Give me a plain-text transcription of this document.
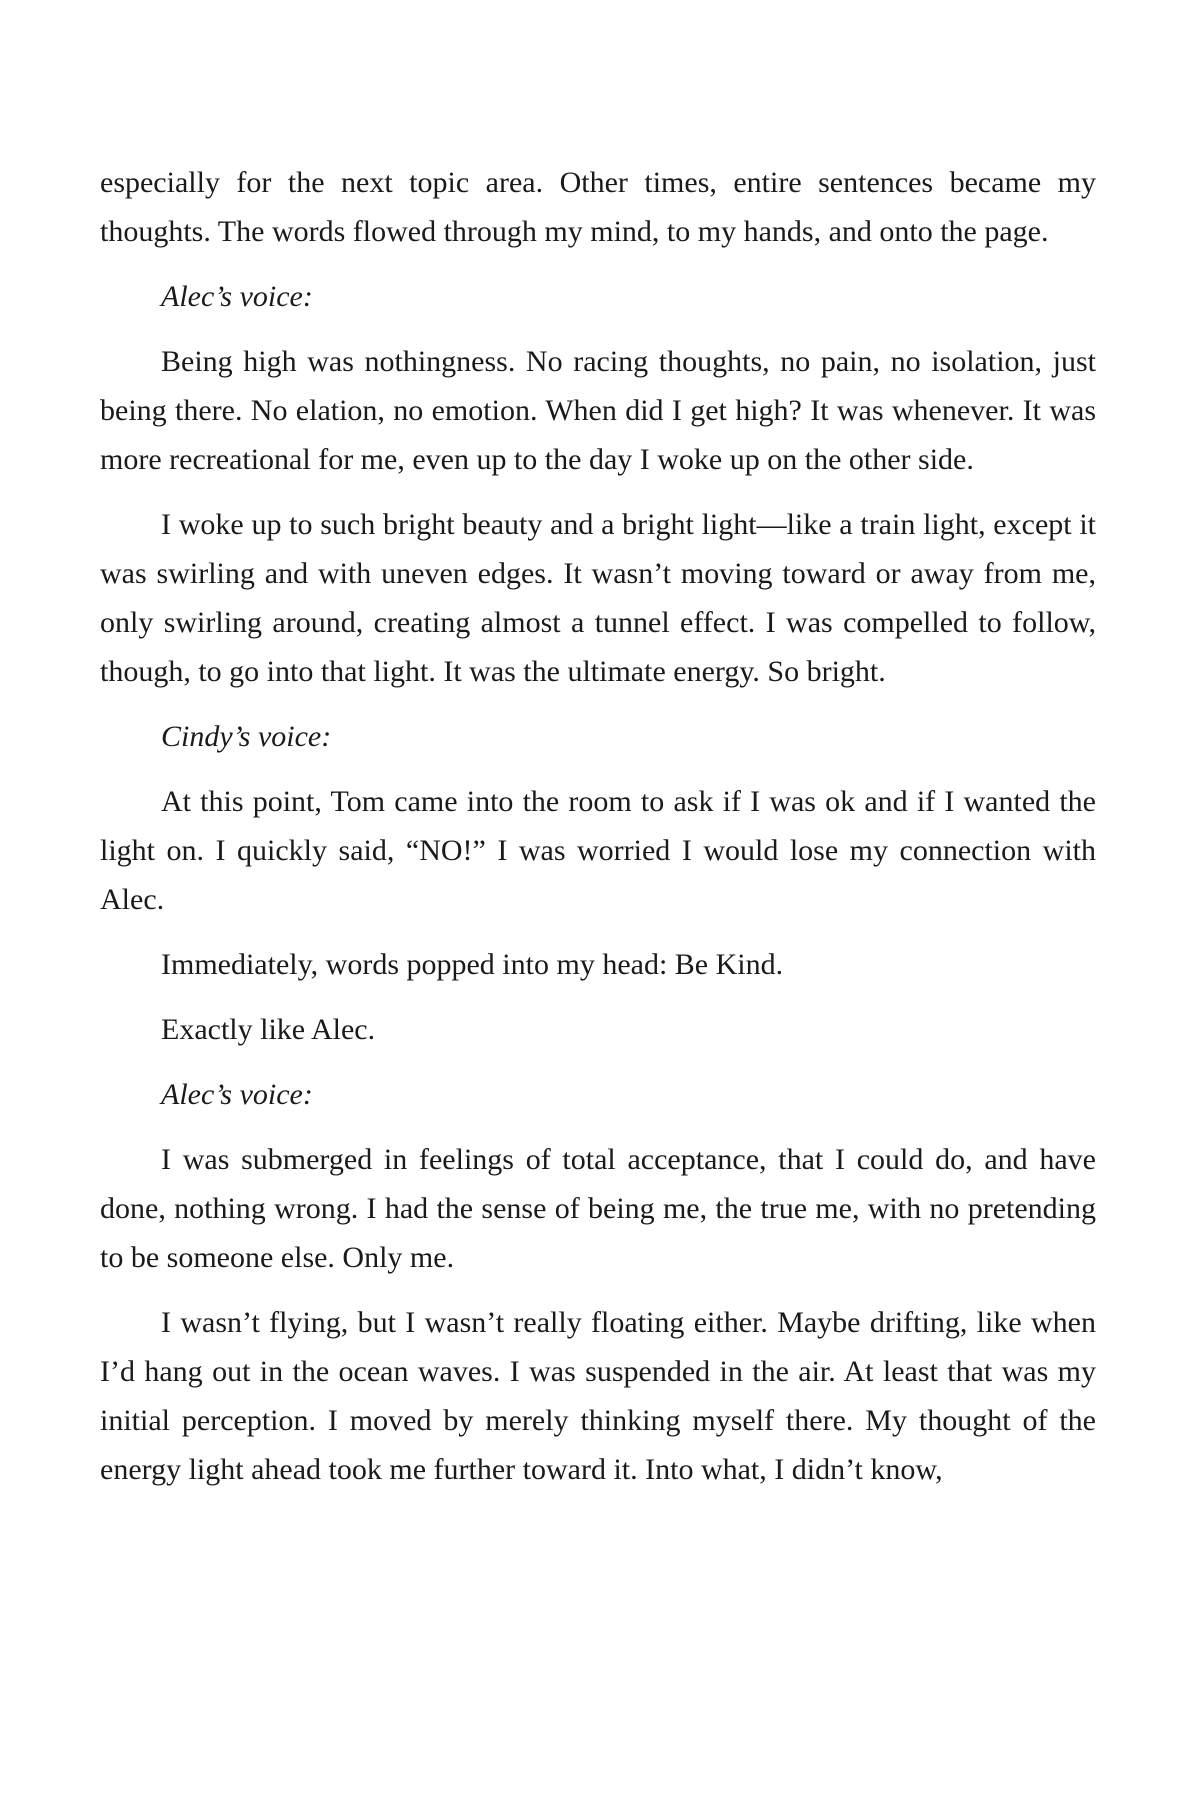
especially for the next topic area. Other times, entire sentences became my thoughts. The words flowed through my mind, to my hands, and onto the page.

Alec’s voice:

Being high was nothingness. No racing thoughts, no pain, no isolation, just being there. No elation, no emotion. When did I get high? It was whenever. It was more recreational for me, even up to the day I woke up on the other side.

I woke up to such bright beauty and a bright light—like a train light, except it was swirling and with uneven edges. It wasn’t moving toward or away from me, only swirling around, creating almost a tunnel effect. I was compelled to follow, though, to go into that light. It was the ultimate energy. So bright.

Cindy’s voice:

At this point, Tom came into the room to ask if I was ok and if I wanted the light on. I quickly said, “NO!” I was worried I would lose my connection with Alec.

Immediately, words popped into my head: Be Kind.

Exactly like Alec.

Alec’s voice:

I was submerged in feelings of total acceptance, that I could do, and have done, nothing wrong. I had the sense of being me, the true me, with no pretending to be someone else. Only me.

I wasn’t flying, but I wasn’t really floating either. Maybe drifting, like when I’d hang out in the ocean waves. I was suspended in the air. At least that was my initial perception. I moved by merely thinking myself there. My thought of the energy light ahead took me further toward it. Into what, I didn’t know,
